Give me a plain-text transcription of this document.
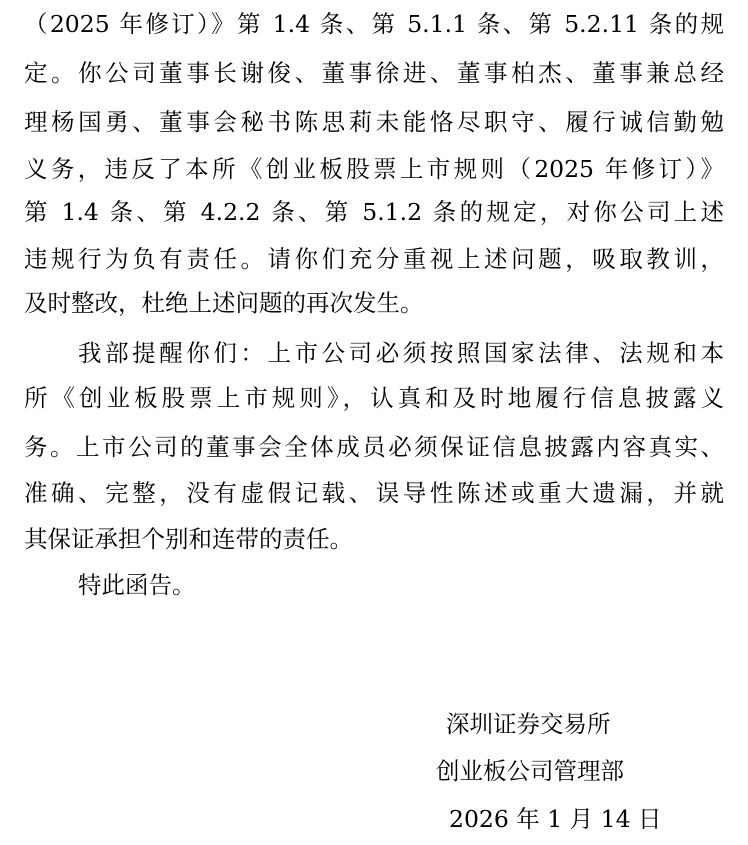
（2025 年修订）》第 1.4 条、第 5.1.1 条、第 5.2.11 条的规
定。你公司董事长谢俊、董事徐进、董事柏杰、董事兼总经
理杨国勇、董事会秘书陈思莉未能恪尽职守、履行诚信勤勉
义务，违反了本所《创业板股票上市规则（2025 年修订）》
第 1.4 条、第 4.2.2 条、第 5.1.2 条的规定，对你公司上述
违规行为负有责任。请你们充分重视上述问题，吸取教训，
及时整改，杜绝上述问题的再次发生。
我部提醒你们：上市公司必须按照国家法律、法规和本
所《创业板股票上市规则》，认真和及时地履行信息披露义
务。上市公司的董事会全体成员必须保证信息披露内容真实、
准确、完整，没有虚假记载、误导性陈述或重大遗漏，并就
其保证承担个别和连带的责任。
特此函告。
深圳证券交易所
创业板公司管理部
2026 年 1 月 14 日
